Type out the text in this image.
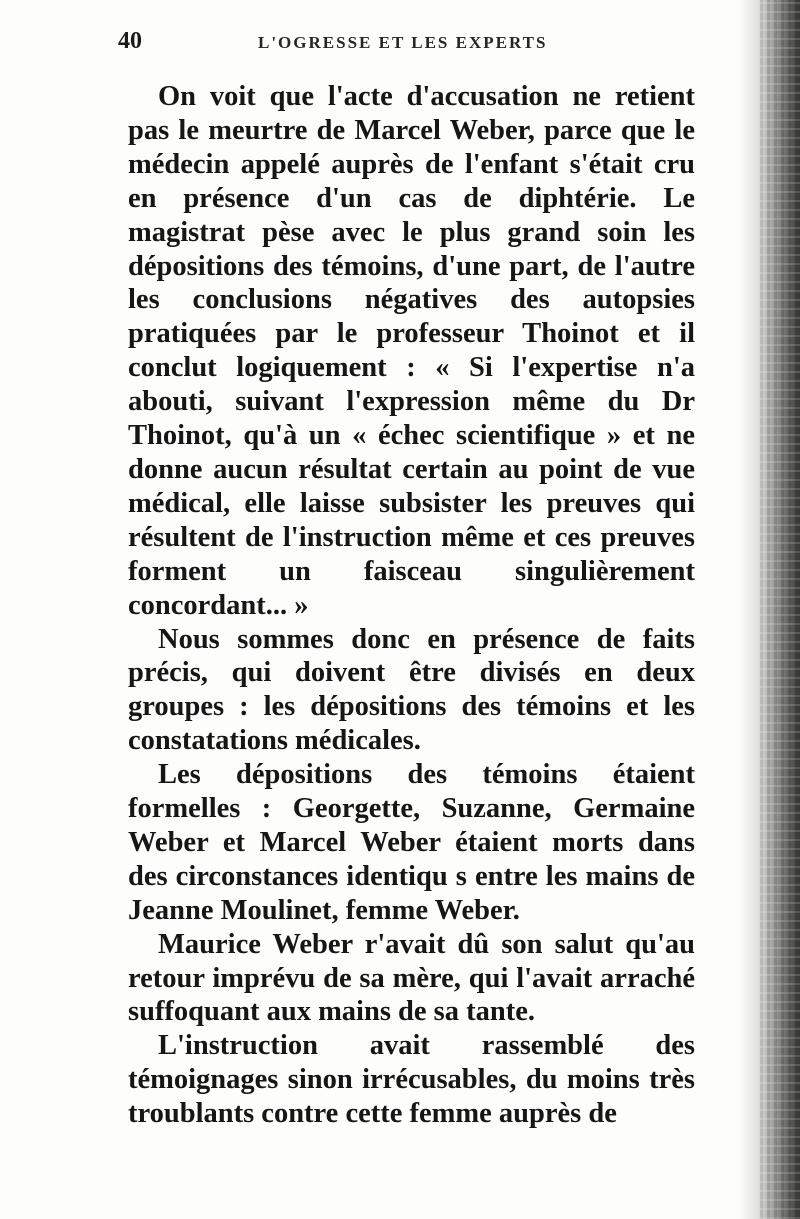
40	L'OGRESSE ET LES EXPERTS

On voit que l'acte d'accusation ne retient pas le meurtre de Marcel Weber, parce que le médecin appelé auprès de l'enfant s'était cru en présence d'un cas de diphtérie. Le magistrat pèse avec le plus grand soin les dépositions des témoins, d'une part, de l'autre les conclusions négatives des autopsies pratiquées par le professeur Thoinot et il conclut logiquement : « Si l'expertise n'a abouti, suivant l'expression même du Dr Thoinot, qu'à un « échec scientifique » et ne donne aucun résultat certain au point de vue médical, elle laisse subsister les preuves qui résultent de l'instruction même et ces preuves forment un faisceau singulièrement concordant... »

Nous sommes donc en présence de faits précis, qui doivent être divisés en deux groupes : les dépositions des témoins et les constatations médicales.

Les dépositions des témoins étaient formelles : Georgette, Suzanne, Germaine Weber et Marcel Weber étaient morts dans des circonstances identiqu s entre les mains de Jeanne Moulinet, femme Weber.

Maurice Weber r'avait dû son salut qu'au retour imprévu de sa mère, qui l'avait arraché suffoquant aux mains de sa tante.

L'instruction avait rassemblé des témoignages sinon irrécusables, du moins très troublants contre cette femme auprès de
